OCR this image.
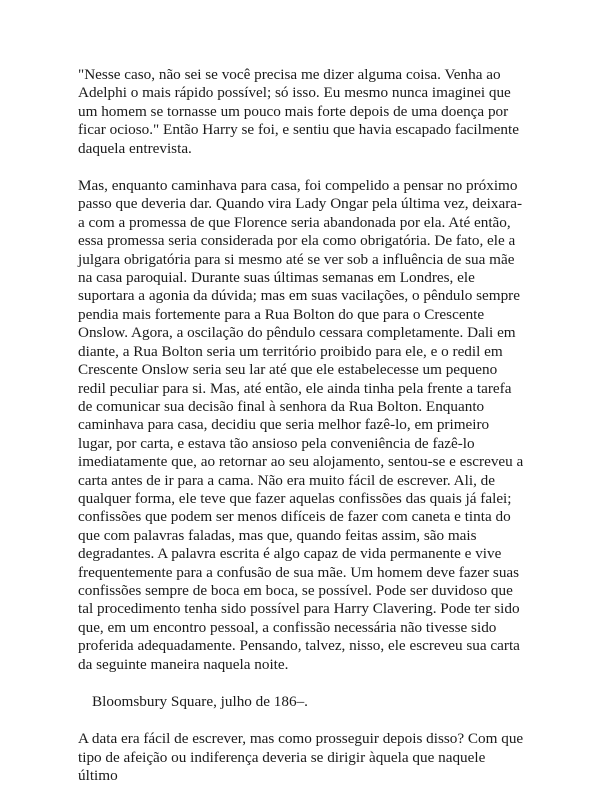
"Nesse caso, não sei se você precisa me dizer alguma coisa. Venha ao Adelphi o mais rápido possível; só isso. Eu mesmo nunca imaginei que um homem se tornasse um pouco mais forte depois de uma doença por ficar ocioso." Então Harry se foi, e sentiu que havia escapado facilmente daquela entrevista.

Mas, enquanto caminhava para casa, foi compelido a pensar no próximo passo que deveria dar. Quando vira Lady Ongar pela última vez, deixara-a com a promessa de que Florence seria abandonada por ela. Até então, essa promessa seria considerada por ela como obrigatória. De fato, ele a julgara obrigatória para si mesmo até se ver sob a influência de sua mãe na casa paroquial. Durante suas últimas semanas em Londres, ele suportara a agonia da dúvida; mas em suas vacilações, o pêndulo sempre pendia mais fortemente para a Rua Bolton do que para o Crescente Onslow. Agora, a oscilação do pêndulo cessara completamente. Dali em diante, a Rua Bolton seria um território proibido para ele, e o redil em Crescente Onslow seria seu lar até que ele estabelecesse um pequeno redil peculiar para si. Mas, até então, ele ainda tinha pela frente a tarefa de comunicar sua decisão final à senhora da Rua Bolton. Enquanto caminhava para casa, decidiu que seria melhor fazê-lo, em primeiro lugar, por carta, e estava tão ansioso pela conveniência de fazê-lo imediatamente que, ao retornar ao seu alojamento, sentou-se e escreveu a carta antes de ir para a cama. Não era muito fácil de escrever. Ali, de qualquer forma, ele teve que fazer aquelas confissões das quais já falei; confissões que podem ser menos difíceis de fazer com caneta e tinta do que com palavras faladas, mas que, quando feitas assim, são mais degradantes. A palavra escrita é algo capaz de vida permanente e vive frequentemente para a confusão de sua mãe. Um homem deve fazer suas confissões sempre de boca em boca, se possível. Pode ser duvidoso que tal procedimento tenha sido possível para Harry Clavering. Pode ter sido que, em um encontro pessoal, a confissão necessária não tivesse sido proferida adequadamente. Pensando, talvez, nisso, ele escreveu sua carta da seguinte maneira naquela noite.

Bloomsbury Square, julho de 186–.

A data era fácil de escrever, mas como prosseguir depois disso? Com que tipo de afeição ou indiferença deveria se dirigir àquela que naquele último
